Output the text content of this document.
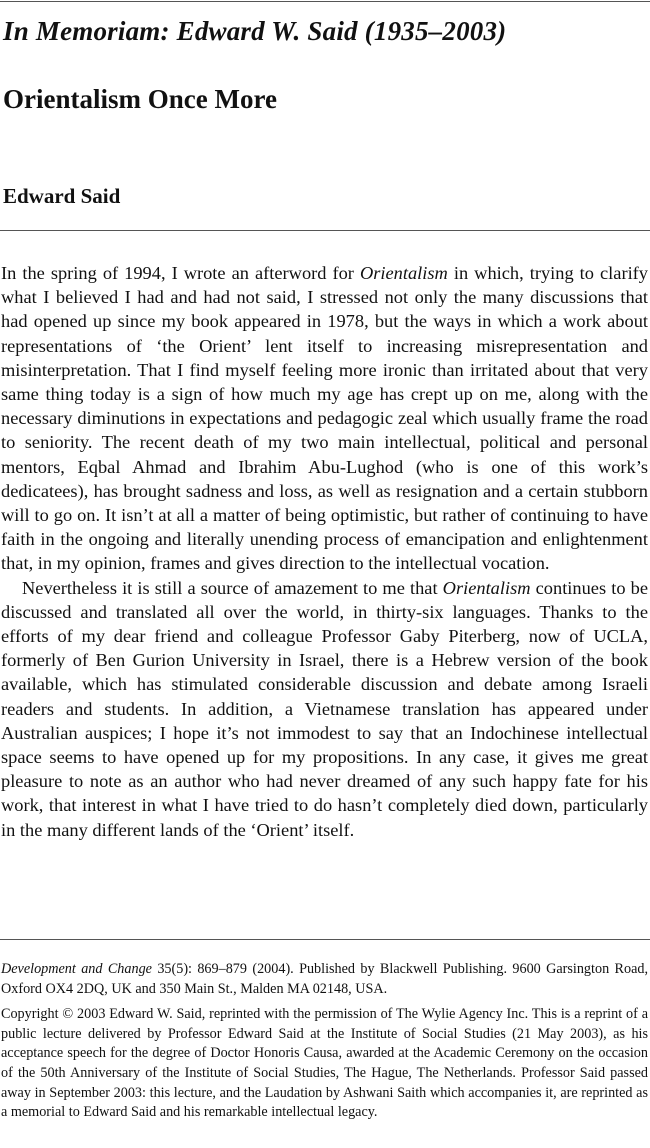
In Memoriam: Edward W. Said (1935–2003)
Orientalism Once More
Edward Said

In the spring of 1994, I wrote an afterword for Orientalism in which, trying to clarify what I believed I had and had not said, I stressed not only the many discussions that had opened up since my book appeared in 1978, but the ways in which a work about representations of ‘the Orient’ lent itself to increasing misrepresentation and misinterpretation. That I find myself feeling more ironic than irritated about that very same thing today is a sign of how much my age has crept up on me, along with the necessary diminutions in expectations and pedagogic zeal which usually frame the road to seniority. The recent death of my two main intellectual, political and personal mentors, Eqbal Ahmad and Ibrahim Abu-Lughod (who is one of this work’s dedicatees), has brought sadness and loss, as well as resignation and a certain stubborn will to go on. It isn’t at all a matter of being optimistic, but rather of continuing to have faith in the ongoing and literally unending process of emancipation and enlightenment that, in my opinion, frames and gives direction to the intellectual vocation.

Nevertheless it is still a source of amazement to me that Orientalism continues to be discussed and translated all over the world, in thirty-six languages. Thanks to the efforts of my dear friend and colleague Professor Gaby Piterberg, now of UCLA, formerly of Ben Gurion University in Israel, there is a Hebrew version of the book available, which has stimulated considerable discussion and debate among Israeli readers and students. In addition, a Vietnamese translation has appeared under Australian auspices; I hope it’s not immodest to say that an Indochinese intellectual space seems to have opened up for my propositions. In any case, it gives me great pleasure to note as an author who had never dreamed of any such happy fate for his work, that interest in what I have tried to do hasn’t completely died down, particularly in the many different lands of the ‘Orient’ itself.

Development and Change 35(5): 869–879 (2004). Published by Blackwell Publishing. 9600 Garsington Road, Oxford OX4 2DQ, UK and 350 Main St., Malden MA 02148, USA.

Copyright © 2003 Edward W. Said, reprinted with the permission of The Wylie Agency Inc. This is a reprint of a public lecture delivered by Professor Edward Said at the Institute of Social Studies (21 May 2003), as his acceptance speech for the degree of Doctor Honoris Causa, awarded at the Academic Ceremony on the occasion of the 50th Anniversary of the Institute of Social Studies, The Hague, The Netherlands. Professor Said passed away in September 2003: this lecture, and the Laudation by Ashwani Saith which accompanies it, are reprinted as a memorial to Edward Said and his remarkable intellectual legacy.
